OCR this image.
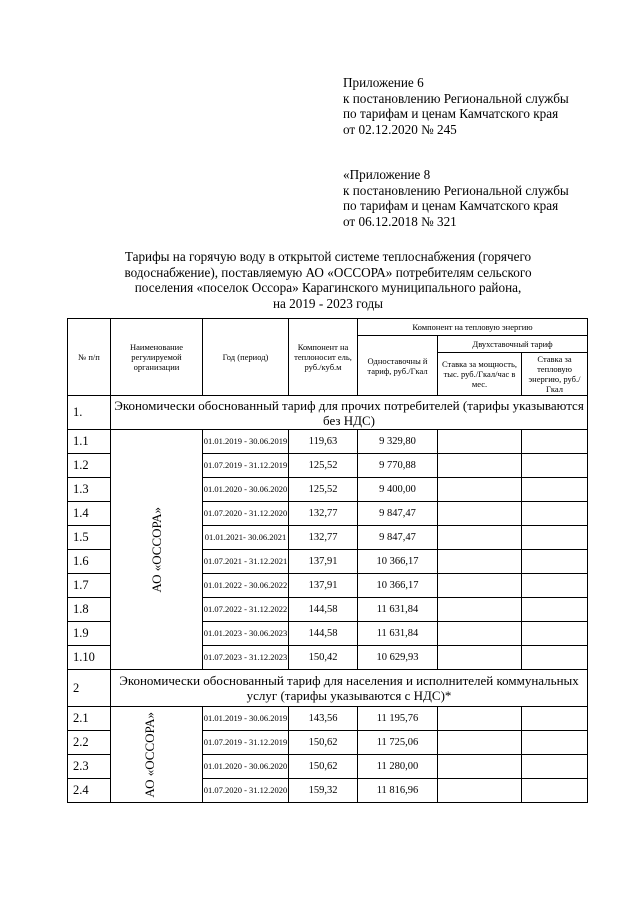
Приложение 6
к постановлению Региональной службы
по тарифам и ценам Камчатского края
от 02.12.2020 № 245
«Приложение 8
к постановлению Региональной службы
по тарифам и ценам Камчатского края
от 06.12.2018 № 321
Тарифы на горячую воду в открытой системе теплоснабжения (горячего
водоснабжение), поставляемую АО «ОССОРА» потребителям сельского
поселения «поселок Оссора» Карагинского муниципального района,
на 2019 - 2023 годы
№ п/п	Наименование регулируемой организации	Год (период)	Компонент на теплоносит ель, руб./куб.м	Компонент на тепловую энергию		
				Одноставочны й тариф, руб./Гкал	Двухставочный тариф	
					Ставка за мощность, тыс. руб./Гкал/час в мес.	Ставка за тепловую энергию, руб./Гкал
1.	Экономически обоснованный тариф для прочих потребителей (тарифы указываются без НДС)					
1.1	АО «ОССОРА»	01.01.2019 - 30.06.2019	119,63	9 329,80		
1.2		01.07.2019 - 31.12.2019	125,52	9 770,88		
1.3		01.01.2020 - 30.06.2020	125,52	9 400,00		
1.4		01.07.2020 - 31.12.2020	132,77	9 847,47		
1.5		01.01.2021- 30.06.2021	132,77	9 847,47		
1.6		01.07.2021 - 31.12.2021	137,91	10 366,17		
1.7		01.01.2022 - 30.06.2022	137,91	10 366,17		
1.8		01.07.2022 - 31.12.2022	144,58	11 631,84		
1.9		01.01.2023 - 30.06.2023	144,58	11 631,84		
1.10		01.07.2023 - 31.12.2023	150,42	10 629,93		
2	Экономически обоснованный тариф для населения и исполнителей коммунальных услуг (тарифы указываются с НДС)*					
2.1	АО «ОССОРА»	01.01.2019 - 30.06.2019	143,56	11 195,76		
2.2		01.07.2019 - 31.12.2019	150,62	11 725,06		
2.3		01.01.2020 - 30.06.2020	150,62	11 280,00		
2.4		01.07.2020 - 31.12.2020	159,32	11 816,96		
